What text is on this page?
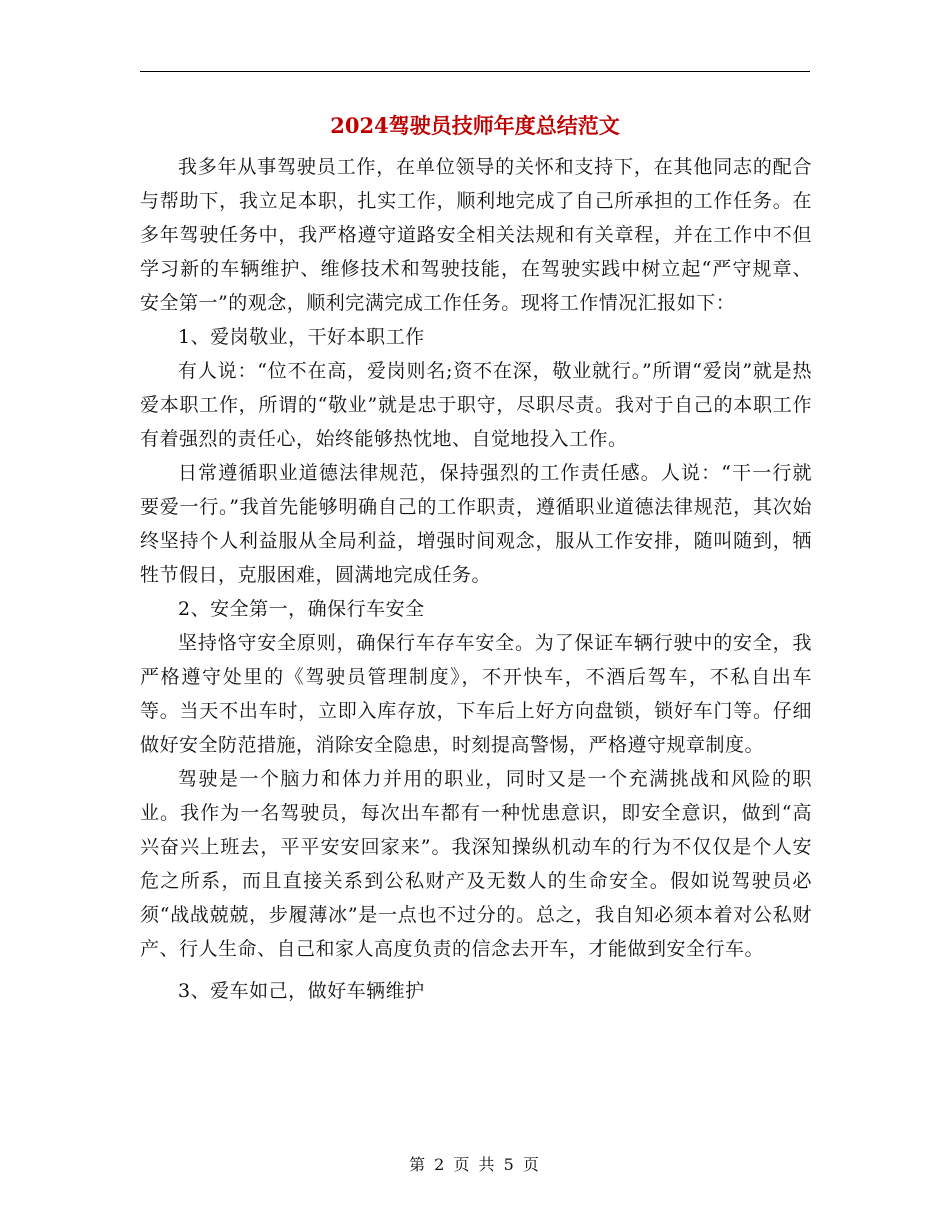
2024驾驶员技师年度总结范文

我多年从事驾驶员工作，在单位领导的关怀和支持下，在其他同志的配合与帮助下，我立足本职，扎实工作，顺利地完成了自己所承担的工作任务。在多年驾驶任务中，我严格遵守道路安全相关法规和有关章程，并在工作中不但学习新的车辆维护、维修技术和驾驶技能，在驾驶实践中树立起“严守规章、安全第一”的观念，顺利完满完成工作任务。现将工作情况汇报如下：

1、爱岗敬业，干好本职工作

有人说：“位不在高，爱岗则名;资不在深，敬业就行。”所谓“爱岗”就是热爱本职工作，所谓的“敬业”就是忠于职守，尽职尽责。我对于自己的本职工作有着强烈的责任心，始终能够热忱地、自觉地投入工作。

日常遵循职业道德法律规范，保持强烈的工作责任感。人说：“干一行就要爱一行。”我首先能够明确自己的工作职责，遵循职业道德法律规范，其次始终坚持个人利益服从全局利益，增强时间观念，服从工作安排，随叫随到，牺牲节假日，克服困难，圆满地完成任务。

2、安全第一，确保行车安全

坚持恪守安全原则，确保行车存车安全。为了保证车辆行驶中的安全，我严格遵守处里的《驾驶员管理制度》，不开快车，不酒后驾车，不私自出车等。当天不出车时，立即入库存放，下车后上好方向盘锁，锁好车门等。仔细做好安全防范措施，消除安全隐患，时刻提高警惕，严格遵守规章制度。

驾驶是一个脑力和体力并用的职业，同时又是一个充满挑战和风险的职业。我作为一名驾驶员，每次出车都有一种忧患意识，即安全意识，做到“高兴奋兴上班去，平平安安回家来”。我深知操纵机动车的行为不仅仅是个人安危之所系，而且直接关系到公私财产及无数人的生命安全。假如说驾驶员必须“战战兢兢，步履薄冰”是一点也不过分的。总之，我自知必须本着对公私财产、行人生命、自己和家人高度负责的信念去开车，才能做到安全行车。

3、爱车如己，做好车辆维护

第 2 页 共 5 页
